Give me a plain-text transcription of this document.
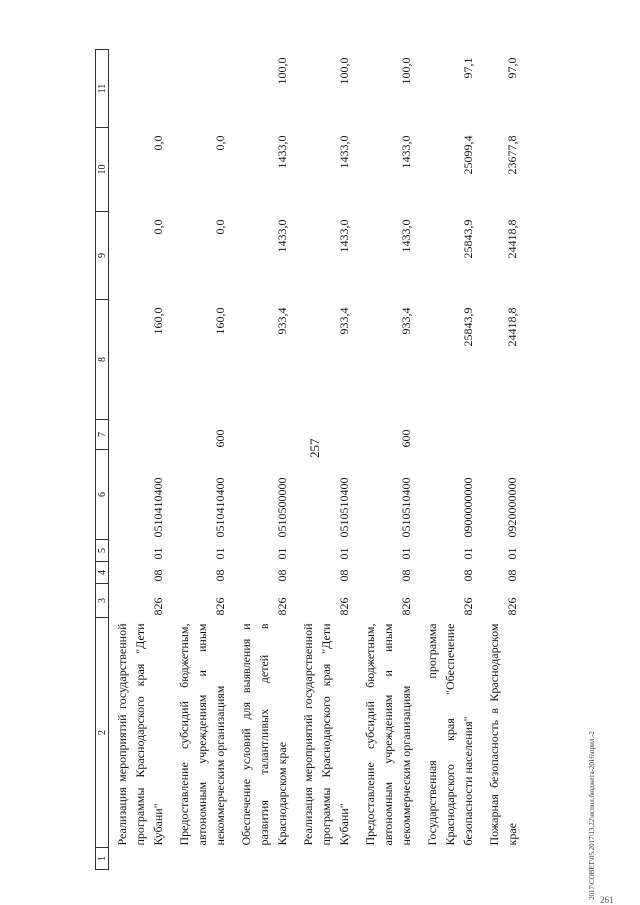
257
1	2	3	4	5	6	7	8	9	10	11
	Реализация мероприятий государственной программы Краснодарского края "Дети Кубани"	826	08	01	0510410400		160,0	0,0	0,0	
	Предоставление субсидий бюджетным, автономным учреждениям и иным некоммерческим организациям	826	08	01	0510410400	600	160,0	0,0	0,0	
	Обеспечение условий для выявления и развития талантливых детей в Краснодарском крае	826	08	01	0510500000		933,4	1433,0	1433,0	100,0
	Реализация мероприятий государственной программы Краснодарского края "Дети Кубани"	826	08	01	0510510400		933,4	1433,0	1433,0	100,0
	Предоставление субсидий бюджетным, автономным учреждениям и иным некоммерческим организациям	826	08	01	0510510400	600	933,4	1433,0	1433,0	100,0
	Государственная программа Краснодарского края "Обеспечение безопасности населения"	826	08	01	0900000000		25843,9	25843,9	25099,4	97,1
	Пожарная безопасность в Краснодарском крае	826	08	01	0920000000		24418,8	24418,8	23677,8	97,0
2017\СОВЕТ\05.2017\13.22\испол.бюджета-2016\прил.-2 261
